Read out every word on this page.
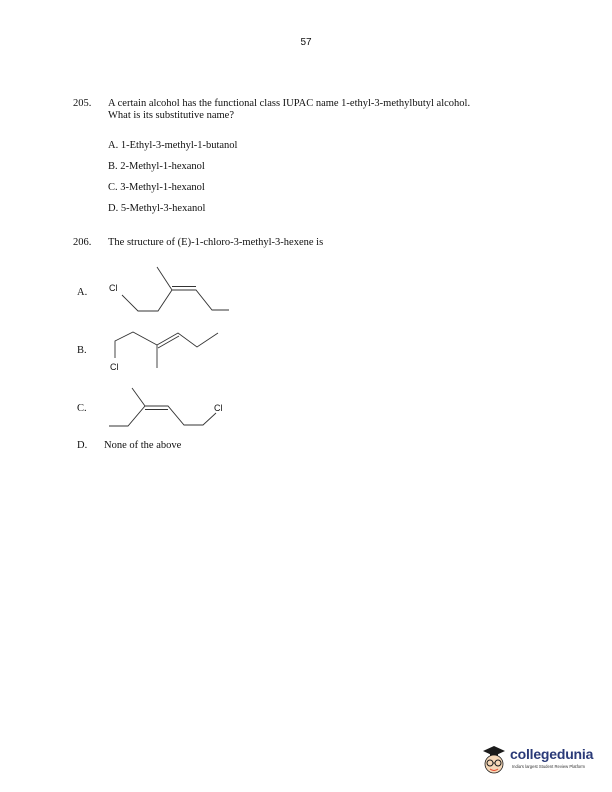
57
205. A certain alcohol has the functional class IUPAC name 1-ethyl-3-methylbutyl alcohol.
What is its substitutive name?
A. 1-Ethyl-3-methyl-1-butanol
B. 2-Methyl-1-hexanol
C. 3-Methyl-1-hexanol
D. 5-Methyl-3-hexanol
206. The structure of (E)-1-chloro-3-methyl-3-hexene is
A. Cl
B.
Cl
C.	Cl
D. None of the above
collegedunia
India's largest Student Review Platform
